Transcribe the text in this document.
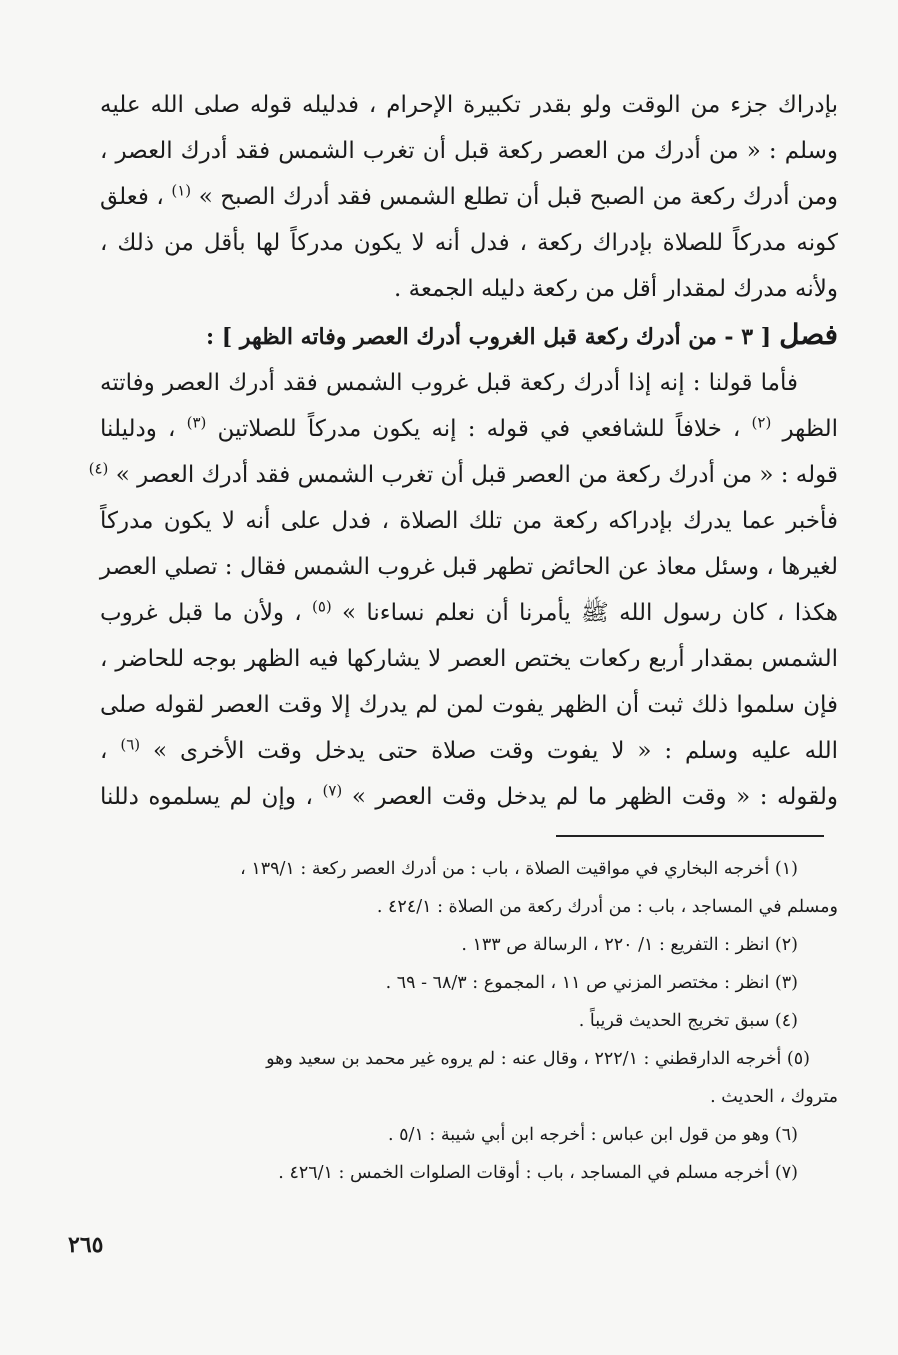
بإدراك جزء من الوقت ولو بقدر تكبيرة الإحرام ، فدليله قوله صلى الله عليه
وسلم : « من أدرك من العصر ركعة قبل أن تغرب الشمس فقد أدرك العصر ،
ومن أدرك ركعة من الصبح قبل أن تطلع الشمس فقد أدرك الصبح » $^{(١)}$ ، فعلق
كونه مدركاً للصلاة بإدراك ركعة ، فدل أنه لا يكون مدركاً لها بأقل من ذلك ،
ولأنه مدرك لمقدار أقل من ركعة دليله الجمعة .
فصل [ ٣ - من أدرك ركعة قبل الغروب أدرك العصر وفاته الظهر ] :
فأما قولنا : إنه إذا أدرك ركعة قبل غروب الشمس فقد أدرك العصر وفاتته
الظهر $^{(٢)}$ ، خلافاً للشافعي في قوله : إنه يكون مدركاً للصلاتين $^{(٣)}$ ، ودليلنا
قوله : « من أدرك ركعة من العصر قبل أن تغرب الشمس فقد أدرك العصر » $^{(٤)}$
فأخبر عما يدرك بإدراكه ركعة من تلك الصلاة ، فدل على أنه لا يكون مدركاً
لغيرها ، وسئل معاذ عن الحائض تطهر قبل غروب الشمس فقال : تصلي العصر
هكذا ، كان رسول الله ﷺ يأمرنا أن نعلم نساءنا » $^{(٥)}$ ، ولأن ما قبل غروب
الشمس بمقدار أربع ركعات يختص العصر لا يشاركها فيه الظهر بوجه للحاضر ،
فإن سلموا ذلك ثبت أن الظهر يفوت لمن لم يدرك إلا وقت العصر لقوله صلى
الله عليه وسلم : « لا يفوت وقت صلاة حتى يدخل وقت الأخرى » $^{(٦)}$ ،
ولقوله : « وقت الظهر ما لم يدخل وقت العصر » $^{(٧)}$ ، وإن لم يسلموه دللنا
(١) أخرجه البخاري في مواقيت الصلاة ، باب : من أدرك العصر ركعة : ١٣٩/١ ،
ومسلم في المساجد ، باب : من أدرك ركعة من الصلاة : ٤٢٤/١ .
(٢) انظر : التفريع : ١/ ٢٢٠ ، الرسالة ص ١٣٣ .
(٣) انظر : مختصر المزني ص ١١ ، المجموع : ٦٨/٣ - ٦٩ .
(٤) سبق تخريج الحديث قريباً .
(٥) أخرجه الدارقطني : ٢٢٢/١ ، وقال عنه : لم يروه غير محمد بن سعيد وهو
متروك ، الحديث .
(٦) وهو من قول ابن عباس : أخرجه ابن أبي شيبة : ٥/١ .
(٧) أخرجه مسلم في المساجد ، باب : أوقات الصلوات الخمس : ٤٢٦/١ .
٢٦٥
